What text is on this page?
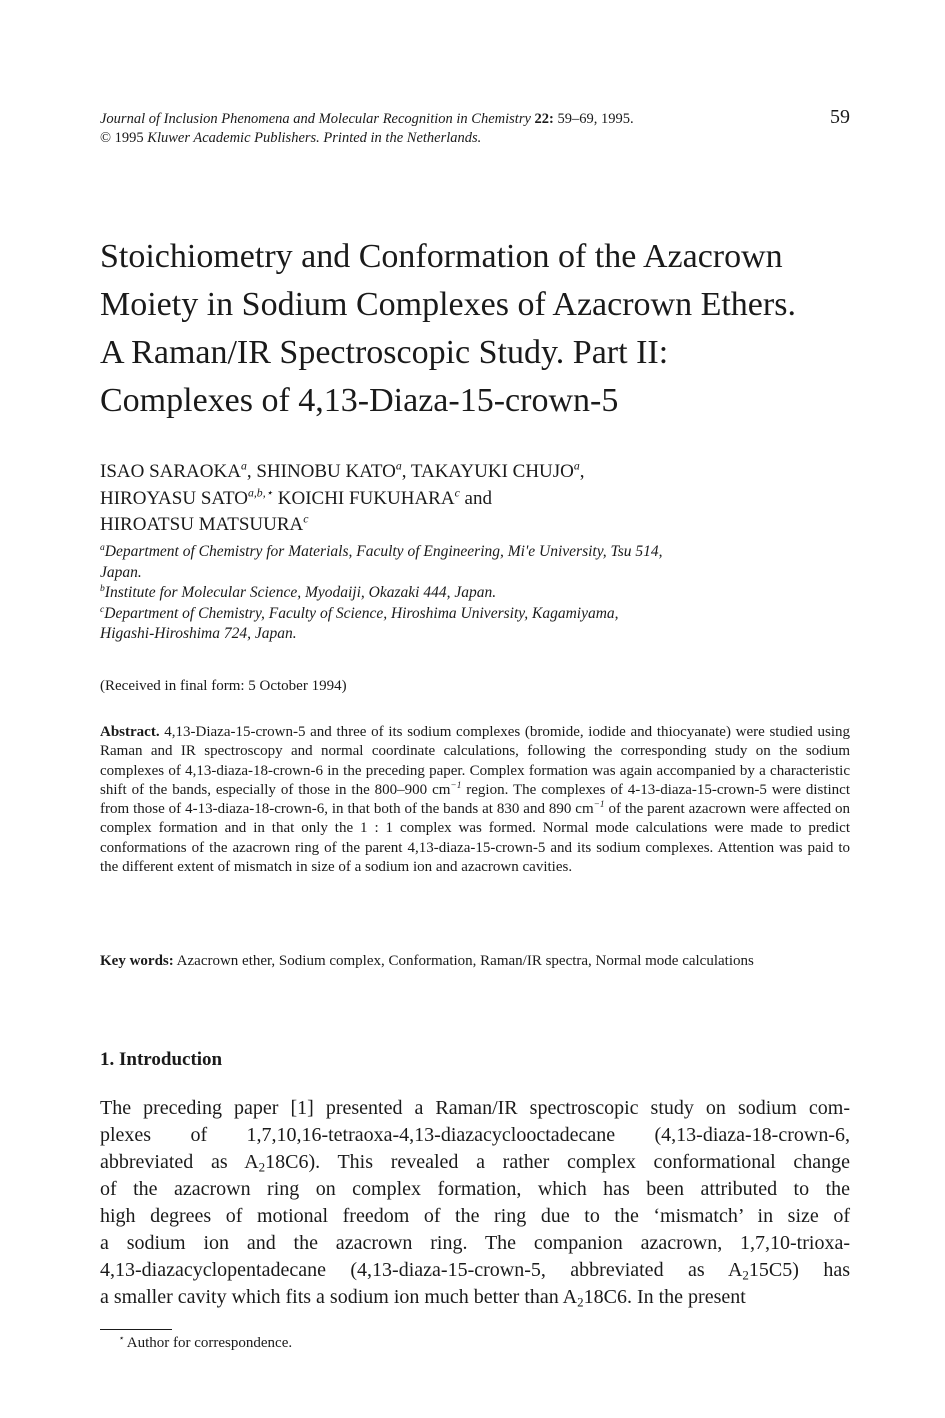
Journal of Inclusion Phenomena and Molecular Recognition in Chemistry 22: 59–69, 1995.
© 1995 Kluwer Academic Publishers. Printed in the Netherlands.
59
Stoichiometry and Conformation of the Azacrown
Moiety in Sodium Complexes of Azacrown Ethers.
A Raman/IR Spectroscopic Study. Part II:
Complexes of 4,13-Diaza-15-crown-5
ISAO SARAOKA$^a$, SHINOBU KATO$^a$, TAKAYUKI CHUJO$^a$,
HIROYASU $SATO^{a,b,⋆}$ KOICHI FUKUHARA$^c$ and
HIROATSU MATSUURA$^c$
$^a$Department of Chemistry for Materials, Faculty of Engineering, Mi'e University, Tsu 514,
Japan.
$^b$Institute for Molecular Science, Myodaiji, Okazaki 444, Japan.
$^c$Department of Chemistry, Faculty of Science, Hiroshima University, Kagamiyama,
Higashi-Hiroshima 724, Japan.
(Received in final form: 5 October 1994)
Abstract. 4,13-Diaza-15-crown-5 and three of its sodium complexes (bromide, iodide and thiocyanate) were studied using Raman and IR spectroscopy and normal coordinate calculations, following the corresponding study on the sodium complexes of 4,13-diaza-18-crown-6 in the preceding paper. Complex formation was again accompanied by a characteristic shift of the bands, especially of those in the 800–900 $cm^{-1}$ region. The complexes of 4-13-diaza-15-crown-5 were distinct from those of 4-13-diaza-18-crown-6, in that both of the bands at 830 and 890 $cm^{-1}$ of the parent azacrown were affected on complex formation and in that only the 1 : 1 complex was formed. Normal mode calculations were made to predict conformations of the azacrown ring of the parent 4,13-diaza-15-crown-5 and its sodium complexes. Attention was paid to the different extent of mismatch in size of a sodium ion and azacrown cavities.
Key words: Azacrown ether, Sodium complex, Conformation, Raman/IR spectra, Normal mode calculations
1. Introduction
The preceding paper [1] presented a Raman/IR spectroscopic study on sodium com-
plexes of 1,7,10,16-tetraoxa-4,13-diazacyclooctadecane (4,13-diaza-18-crown-6,
abbreviated as $A_218C6$). This revealed a rather complex conformational change
of the azacrown ring on complex formation, which has been attributed to the
high degrees of motional freedom of the ring due to the ‘mismatch’ in size of
a sodium ion and the azacrown ring. The companion azacrown, 1,7,10-trioxa-
4,13-diazacyclopentadecane (4,13-diaza-15-crown-5, abbreviated as $A_215C5$) has
a smaller cavity which fits a sodium ion much better than $A_218C6$. In the present
⋆ Author for correspondence.
